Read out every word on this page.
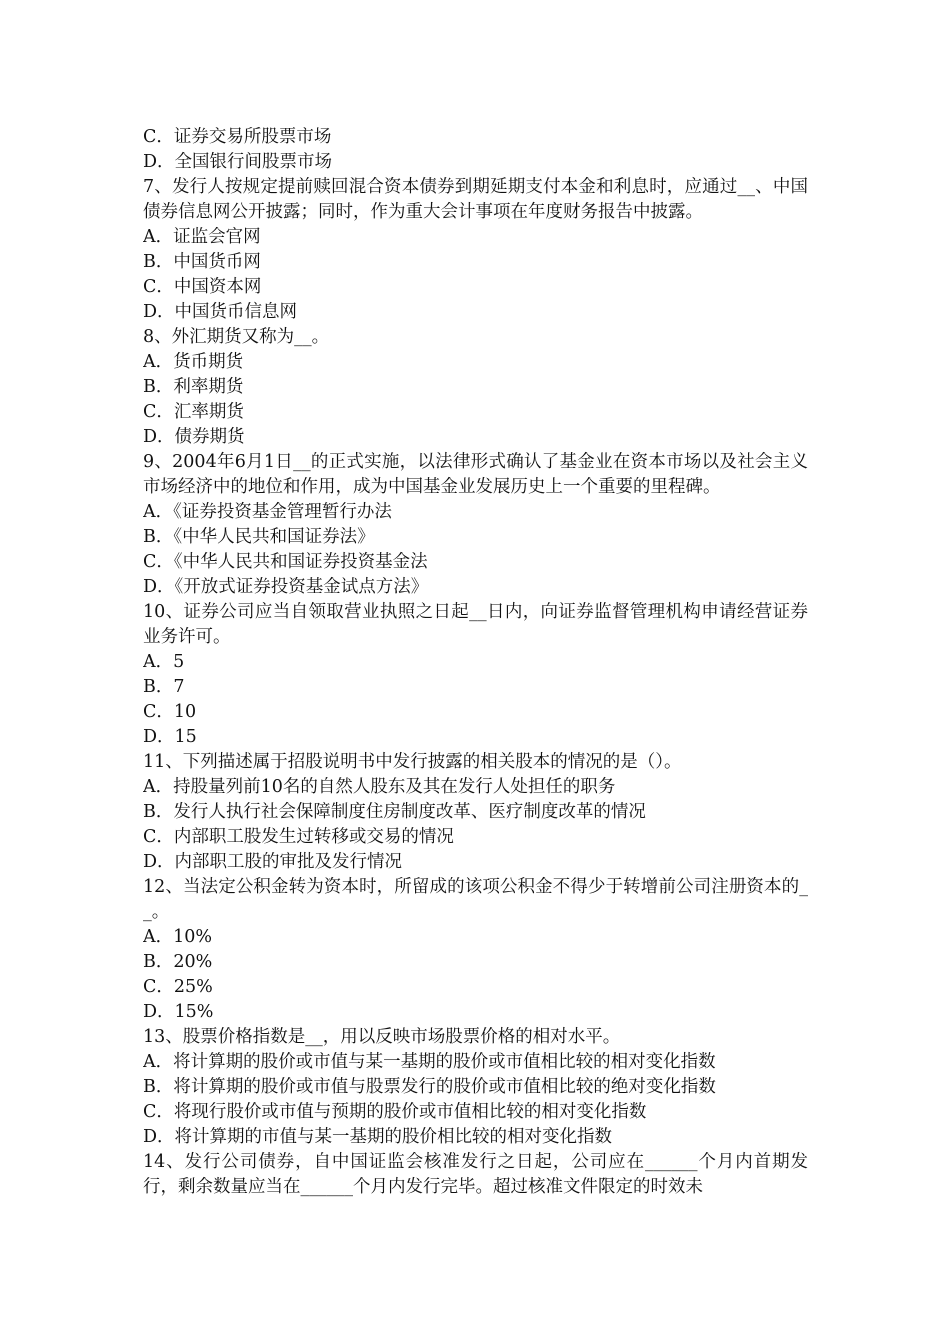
C．证券交易所股票市场
D．全国银行间股票市场
7、发行人按规定提前赎回混合资本债券到期延期支付本金和利息时，应通过__、中国债券信息网公开披露；同时，作为重大会计事项在年度财务报告中披露。
A．证监会官网
B．中国货币网
C．中国资本网
D．中国货币信息网
8、外汇期货又称为__。
A．货币期货
B．利率期货
C．汇率期货
D．债券期货
9、2004年6月1日__的正式实施，以法律形式确认了基金业在资本市场以及社会主义市场经济中的地位和作用，成为中国基金业发展历史上一个重要的里程碑。
A．《证券投资基金管理暂行办法
B．《中华人民共和国证券法》
C．《中华人民共和国证券投资基金法
D．《开放式证券投资基金试点方法》
10、证券公司应当自领取营业执照之日起__日内，向证券监督管理机构申请经营证券业务许可。
A．5
B．7
C．10
D．15
11、下列描述属于招股说明书中发行披露的相关股本的情况的是（）。
A．持股量列前10名的自然人股东及其在发行人处担任的职务
B．发行人执行社会保障制度住房制度改革、医疗制度改革的情况
C．内部职工股发生过转移或交易的情况
D．内部职工股的审批及发行情况
12、当法定公积金转为资本时，所留成的该项公积金不得少于转增前公司注册资本的__。
A．10%
B．20%
C．25%
D．15%
13、股票价格指数是__，用以反映市场股票价格的相对水平。
A．将计算期的股价或市值与某一基期的股价或市值相比较的相对变化指数
B．将计算期的股价或市值与股票发行的股价或市值相比较的绝对变化指数
C．将现行股价或市值与预期的股价或市值相比较的相对变化指数
D．将计算期的市值与某一基期的股价相比较的相对变化指数
14、发行公司债券，自中国证监会核准发行之日起，公司应在______个月内首期发行，剩余数量应当在______个月内发行完毕。超过核准文件限定的时效未
